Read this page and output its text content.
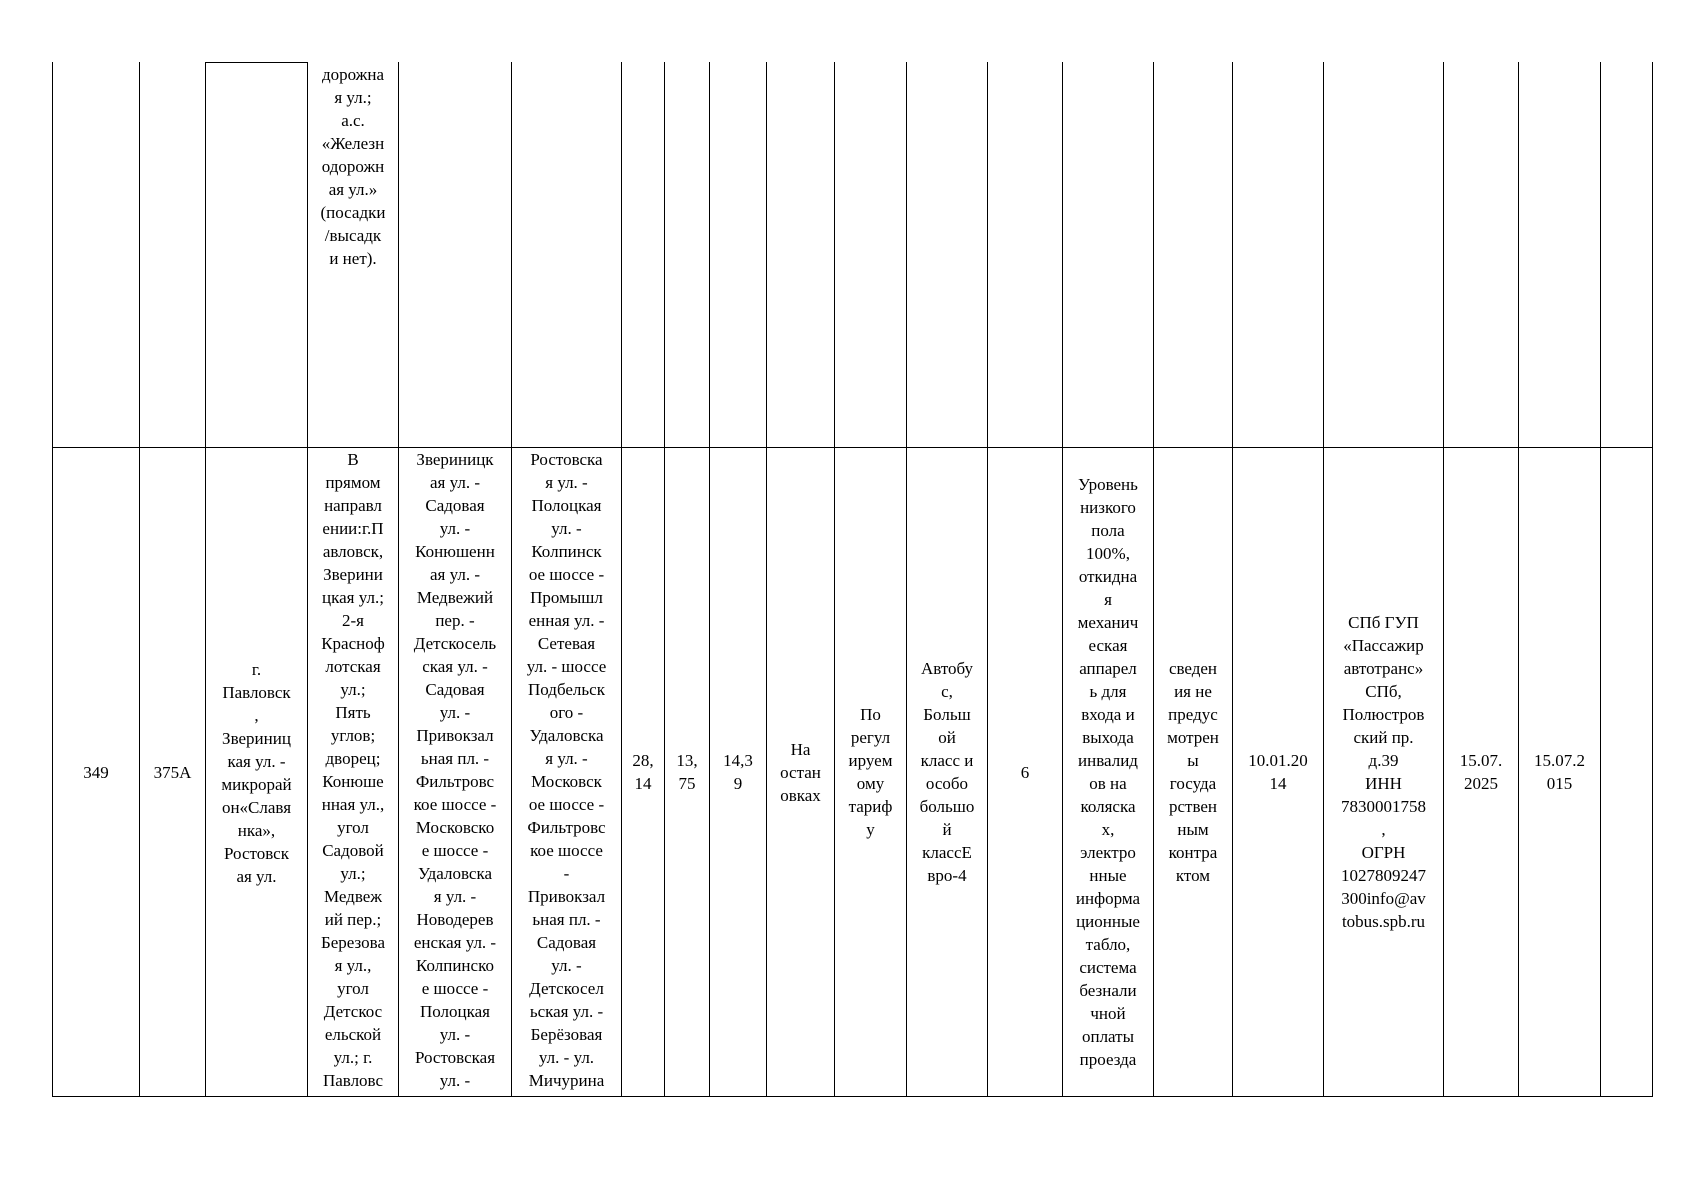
дорожна
я ул.;
а.с.
«Железн
одорожн
ая ул.»
(посадки
/высадк
и нет).
349	375А
г.
Павловск
,
Звериниц
кая ул. -
микрорай
он«Славя
нка»,
Ростовск
ая ул.
В
прямом
направл
ении:г.П
авловск,
Зверини
цкая ул.;
2-я
Красноф
лотская
ул.;
Пять
углов;
дворец;
Конюше
нная ул.,
угол
Садовой
ул.;
Медвеж
ий пер.;
Березова
я ул.,
угол
Детскос
ельской
ул.; г.
Павловс
Звериницк
ая ул. -
Садовая
ул. -
Конюшенн
ая ул. -
Медвежий
пер. -
Детскосель
ская ул. -
Садовая
ул. -
Привокзал
ьная пл. -
Фильтровс
кое шоссе -
Московско
е шоссе -
Удаловска
я ул. -
Новодерев
енская ул. -
Колпинско
е шоссе -
Полоцкая
ул. -
Ростовская
ул. -
Ростовска
я ул. -
Полоцкая
ул. -
Колпинск
ое шоссе -
Промышл
енная ул. -
Сетевая
ул. - шоссе
Подбельск
ого -
Удаловска
я ул. -
Московск
ое шоссе -
Фильтровс
кое шоссе
-
Привокзал
ьная пл. -
Садовая
ул. -
Детскосел
ьская ул. -
Берёзовая
ул. - ул.
Мичурина
28,
14
13,
75
14,3
9
На
остан
овках
По
регул
ируем
ому
тариф
у
Автобу
с,
Больш
ой
класс и
особо
большо
й
классЕ
вро-4
6
Уровень
низкого
пола
100%,
откидна
я
механич
еская
аппарел
ь для
входа и
выхода
инвалид
ов на
коляска
х,
электро
нные
информа
ционные
табло,
система
безнали
чной
оплаты
проезда
сведен
ия не
предус
мотрен
ы
госуда
рствен
ным
контра
ктом
10.01.20
14
СПб ГУП
«Пассажир
автотранс»
СПб,
Полюстров
ский пр.
д.39
ИНН
7830001758
,
ОГРН
1027809247
300info@av
tobus.spb.ru
15.07.
2025
15.07.2
015
